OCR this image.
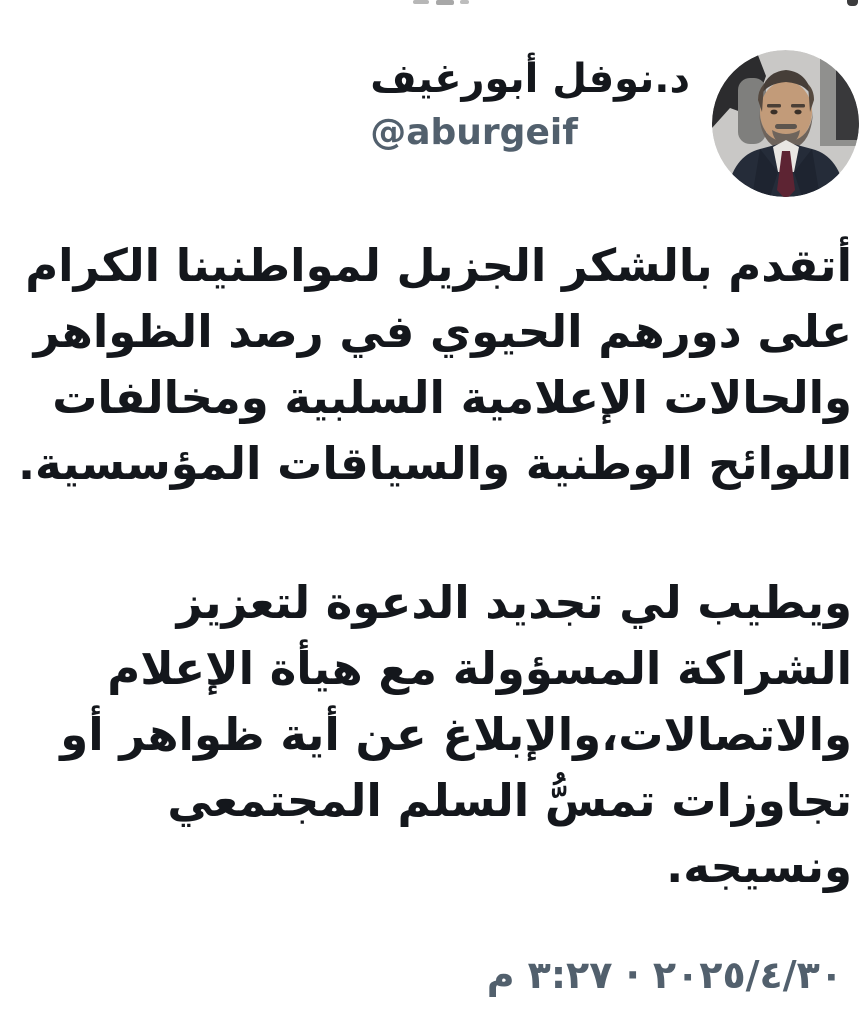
د.نوفل أبورغيف
@aburgeif
أتقدم بالشكر الجزيل لمواطنينا الكرام
على دورهم الحيوي في رصد الظواهر
والحالات الإعلامية السلبية ومخالفات
اللوائح الوطنية والسياقات المؤسسية.
ويطيب لي تجديد الدعوة لتعزيز
الشراكة المسؤولة مع هيأة الإعلام
والاتصالات،والإبلاغ عن أية ظواهر أو
تجاوزات تمسُّ السلم المجتمعي
ونسيجه.
م ٣:٢٧ · ٢٠٢٥/٤/٣٠
